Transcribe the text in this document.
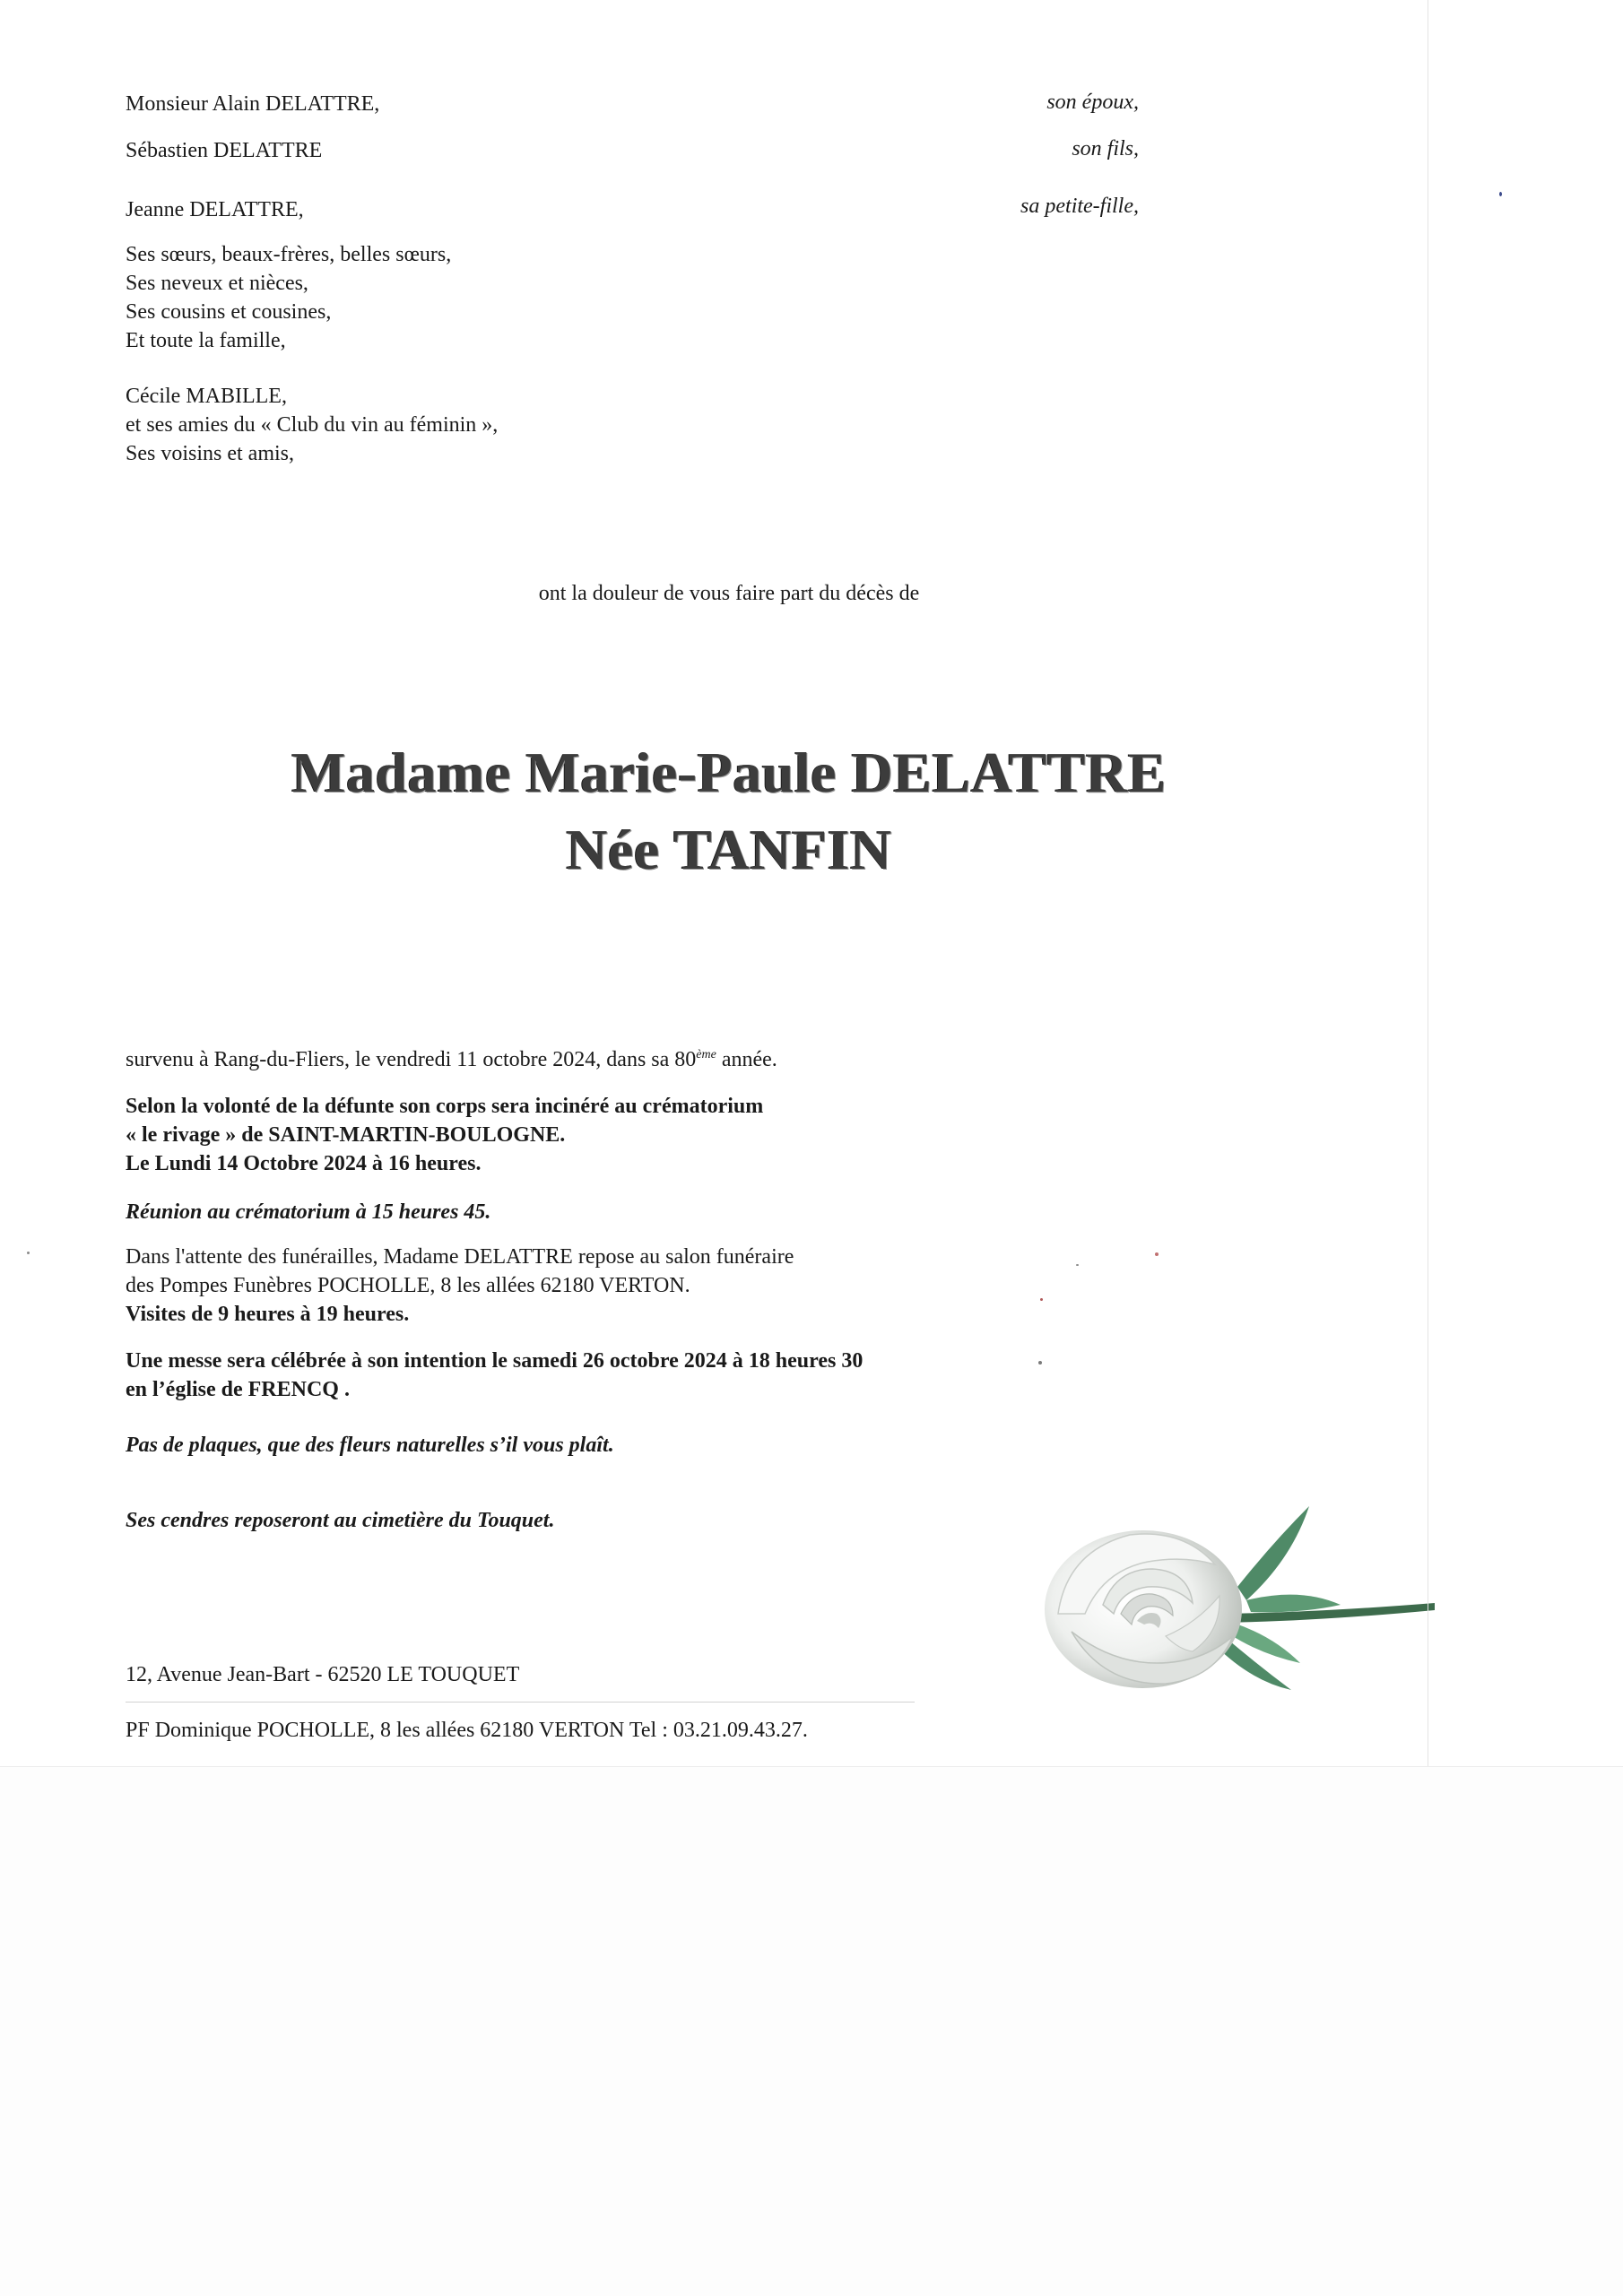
Monsieur Alain DELATTRE,	son époux,
Sébastien DELATTRE	son fils,
Jeanne DELATTRE,	sa petite-fille,
Ses sœurs, beaux-frères, belles sœurs,
Ses neveux et nièces,
Ses cousins et cousines,
Et toute la famille,
Cécile MABILLE,
et ses amies du « Club du vin au féminin »,
Ses voisins et amis,
ont la douleur de vous faire part du décès de
Madame Marie-Paule DELATTRE
Née TANFIN
survenu à Rang-du-Fliers, le vendredi 11 octobre 2024, dans sa 80ème année.
Selon la volonté de la défunte son corps sera incinéré au crématorium
« le rivage » de SAINT-MARTIN-BOULOGNE.
Le Lundi 14 Octobre 2024 à 16 heures.
Réunion au crématorium à 15 heures 45.
Dans l'attente des funérailles, Madame DELATTRE repose au salon funéraire
des Pompes Funèbres POCHOLLE, 8 les allées 62180 VERTON.
Visites de 9 heures à 19 heures.
Une messe sera célébrée à son intention le samedi 26 octobre 2024 à 18 heures 30
en l’église de FRENCQ .
Pas de plaques, que des fleurs naturelles s’il vous plaît.
Ses cendres reposeront au cimetière du Touquet.
12, Avenue Jean-Bart - 62520 LE TOUQUET
PF Dominique POCHOLLE, 8 les allées 62180 VERTON Tel : 03.21.09.43.27.
